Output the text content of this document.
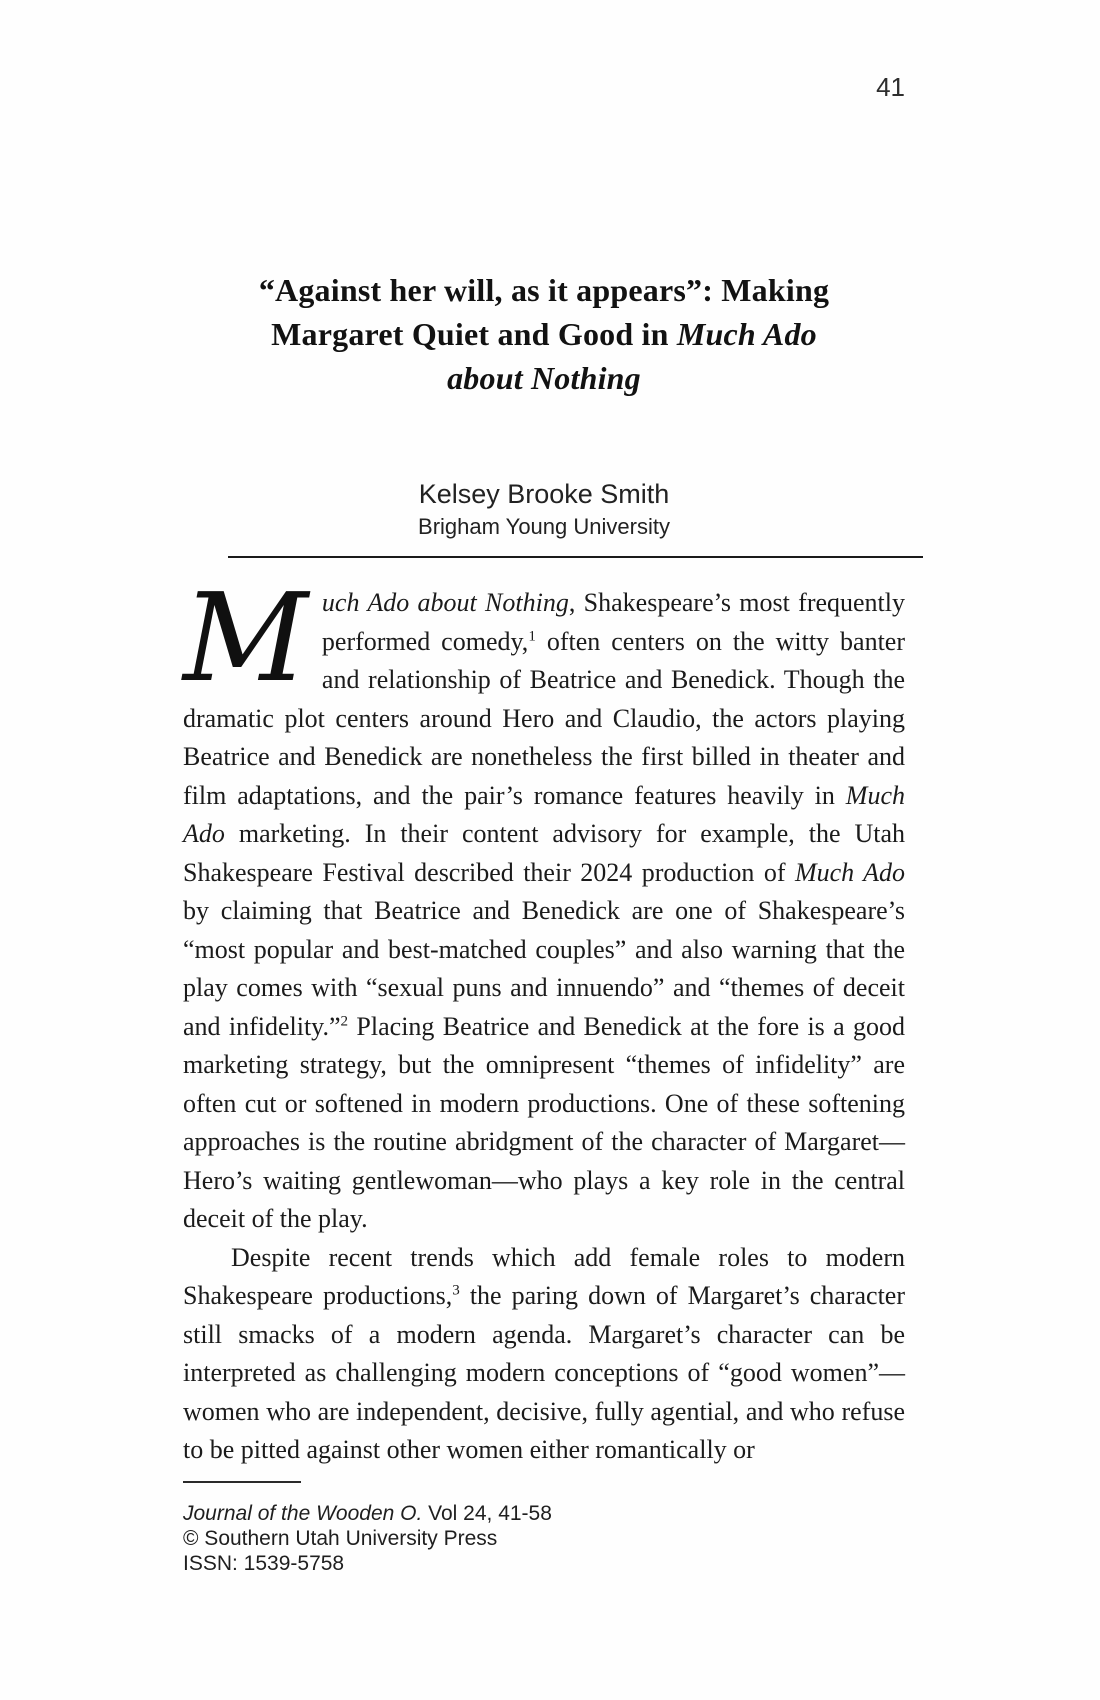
41
“Against her will, as it appears”: Making
Margaret Quiet and Good in Much Ado
about Nothing
Kelsey Brooke Smith
Brigham Young University

Much Ado about Nothing, Shakespeare’s most frequently performed comedy,$^1$ often centers on the witty banter and relationship of Beatrice and Benedick. Though the dramatic plot centers around Hero and Claudio, the actors playing Beatrice and Benedick are nonetheless the first billed in theater and film adaptations, and the pair’s romance features heavily in Much Ado marketing. In their content advisory for example, the Utah Shakespeare Festival described their 2024 production of Much Ado by claiming that Beatrice and Benedick are one of Shakespeare’s “most popular and best-matched couples” and also warning that the play comes with “sexual puns and innuendo” and “themes of deceit and infidelity.”$^2$ Placing Beatrice and Benedick at the fore is a good marketing strategy, but the omnipresent “themes of infidelity” are often cut or softened in modern productions. One of these softening approaches is the routine abridgment of the character of Margaret—Hero’s waiting gentlewoman—who plays a key role in the central deceit of the play.

Despite recent trends which add female roles to modern Shakespeare productions,$^3$ the paring down of Margaret’s character still smacks of a modern agenda. Margaret’s character can be interpreted as challenging modern conceptions of “good women”—women who are independent, decisive, fully agential, and who refuse to be pitted against other women either romantically or

Journal of the Wooden O. Vol 24, 41-58

© Southern Utah University Press

ISSN: 1539-5758
